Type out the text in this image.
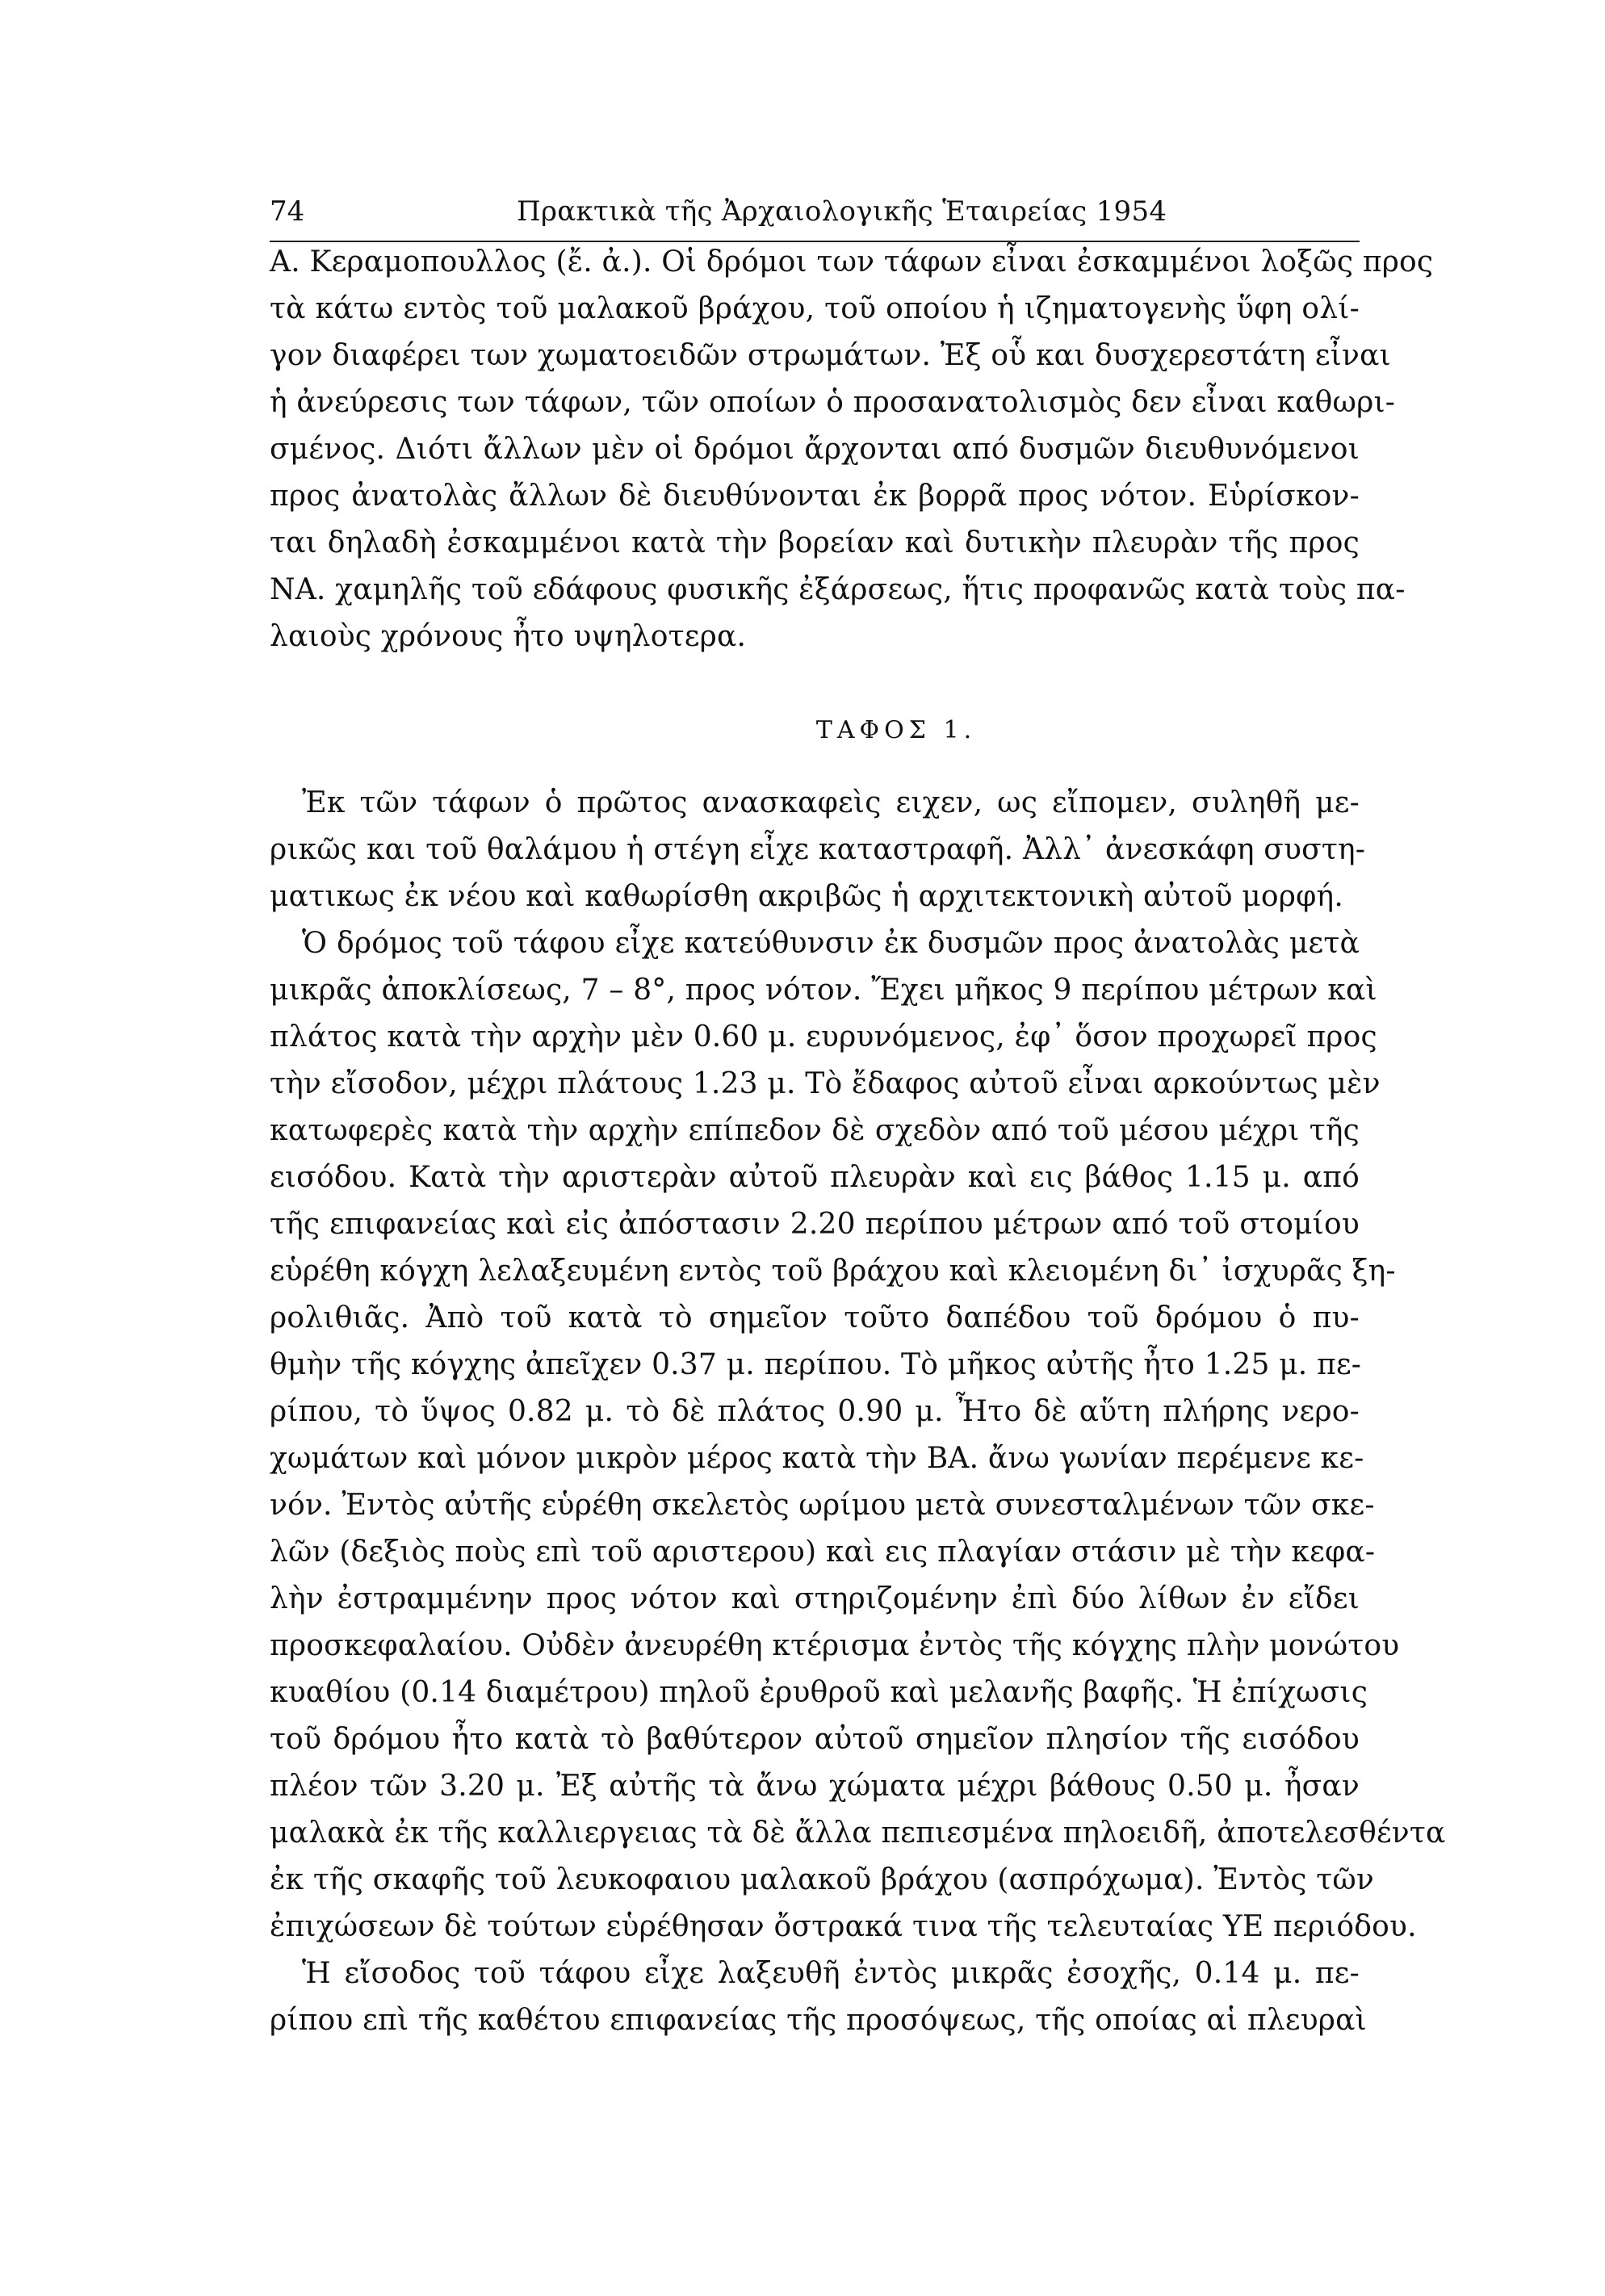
74	Πρακτικὰ τῆς Ἀρχαιολογικῆς Ἑταιρείας 1954
Α. Κεραμοπουλλος (ἔ. ἀ.). Οἱ δρόμοι των τάφων εἶναι ἐσκαμμένοι λοξῶς προς
τὰ κάτω εντὸς τοῦ μαλακοῦ βράχου, τοῦ οποίου ἡ ιζηματογενὴς ὕφη ολί-
γον διαφέρει των χωματοειδῶν στρωμάτων. Ἐξ οὗ και δυσχερεστάτη εἶναι
ἡ ἀνεύρεσις των τάφων, τῶν οποίων ὁ προσανατολισμὸς δεν εἶναι καθωρι-
σμένος. Διότι ἄλλων μὲν οἱ δρόμοι ἄρχονται από δυσμῶν διευθυνόμενοι
προς ἀνατολὰς ἄλλων δὲ διευθύνονται ἐκ βορρᾶ προς νότον. Εὑρίσκον-
ται δηλαδὴ ἐσκαμμένοι κατὰ τὴν βορείαν καὶ δυτικὴν πλευρὰν τῆς προς
ΝΑ. χαμηλῆς τοῦ εδάφους φυσικῆς ἐξάρσεως, ἥτις προφανῶς κατὰ τοὺς πα-
λαιοὺς χρόνους ἦτο υψηλοτερα.
ΤΑΦΟΣ 1.
Ἐκ τῶν τάφων ὁ πρῶτος ανασκαφεὶς ειχεν, ως εἴπομεν, συληθῆ με-
ρικῶς και τοῦ θαλάμου ἡ στέγη εἶχε καταστραφῆ. Ἀλλ᾽ ἀνεσκάφη συστη-
ματικως ἐκ νέου καὶ καθωρίσθη ακριβῶς ἡ αρχιτεκτονικὴ αὐτοῦ μορφή.
Ὁ δρόμος τοῦ τάφου εἶχε κατεύθυνσιν ἐκ δυσμῶν προς ἀνατολὰς μετὰ
μικρᾶς ἀποκλίσεως, 7 – 8°, προς νότον. Ἔχει μῆκος 9 περίπου μέτρων καὶ
πλάτος κατὰ τὴν αρχὴν μὲν 0.60 μ. ευρυνόμενος, ἐφ᾽ ὅσον προχωρεῖ προς
τὴν εἴσοδον, μέχρι πλάτους 1.23 μ. Τὸ ἔδαφος αὐτοῦ εἶναι αρκούντως μὲν
κατωφερὲς κατὰ τὴν αρχὴν επίπεδον δὲ σχεδὸν από τοῦ μέσου μέχρι τῆς
εισόδου. Κατὰ τὴν αριστερὰν αὐτοῦ πλευρὰν καὶ εις βάθος 1.15 μ. από
τῆς επιφανείας καὶ εἰς ἀπόστασιν 2.20 περίπου μέτρων από τοῦ στομίου
εὑρέθη κόγχη λελαξευμένη εντὸς τοῦ βράχου καὶ κλειομένη δι᾽ ἰσχυρᾶς ξη-
ρολιθιᾶς. Ἀπὸ τοῦ κατὰ τὸ σημεῖον τοῦτο δαπέδου τοῦ δρόμου ὁ πυ-
θμὴν τῆς κόγχης ἀπεῖχεν 0.37 μ. περίπου. Τὸ μῆκος αὐτῆς ἦτο 1.25 μ. πε-
ρίπου, τὸ ὕψος 0.82 μ. τὸ δὲ πλάτος 0.90 μ. Ἦτο δὲ αὕτη πλήρης νερο-
χωμάτων καὶ μόνον μικρὸν μέρος κατὰ τὴν ΒΑ. ἄνω γωνίαν περέμενε κε-
νόν. Ἐντὸς αὐτῆς εὑρέθη σκελετὸς ωρίμου μετὰ συνεσταλμένων τῶν σκε-
λῶν (δεξιὸς ποὺς επὶ τοῦ αριστερου) καὶ εις πλαγίαν στάσιν μὲ τὴν κεφα-
λὴν ἐστραμμένην προς νότον καὶ στηριζομένην ἐπὶ δύο λίθων ἐν εἴδει
προσκεφαλαίου. Οὐδὲν ἀνευρέθη κτέρισμα ἐντὸς τῆς κόγχης πλὴν μονώτου
κυαθίου (0.14 διαμέτρου) πηλοῦ ἐρυθροῦ καὶ μελανῆς βαφῆς. Ἡ ἐπίχωσις
τοῦ δρόμου ἦτο κατὰ τὸ βαθύτερον αὐτοῦ σημεῖον πλησίον τῆς εισόδου
πλέον τῶν 3.20 μ. Ἐξ αὐτῆς τὰ ἄνω χώματα μέχρι βάθους 0.50 μ. ἦσαν
μαλακὰ ἐκ τῆς καλλιεργειας τὰ δὲ ἄλλα πεπιεσμένα πηλοειδῆ, ἀποτελεσθέντα
ἐκ τῆς σκαφῆς τοῦ λευκοφαιου μαλακοῦ βράχου (ασπρόχωμα). Ἐντὸς τῶν
ἐπιχώσεων δὲ τούτων εὑρέθησαν ὄστρακά τινα τῆς τελευταίας ΥΕ περιόδου.
Ἡ εἴσοδος τοῦ τάφου εἶχε λαξευθῆ ἐντὸς μικρᾶς ἐσοχῆς, 0.14 μ. πε-
ρίπου επὶ τῆς καθέτου επιφανείας τῆς προσόψεως, τῆς οποίας αἱ πλευραὶ
